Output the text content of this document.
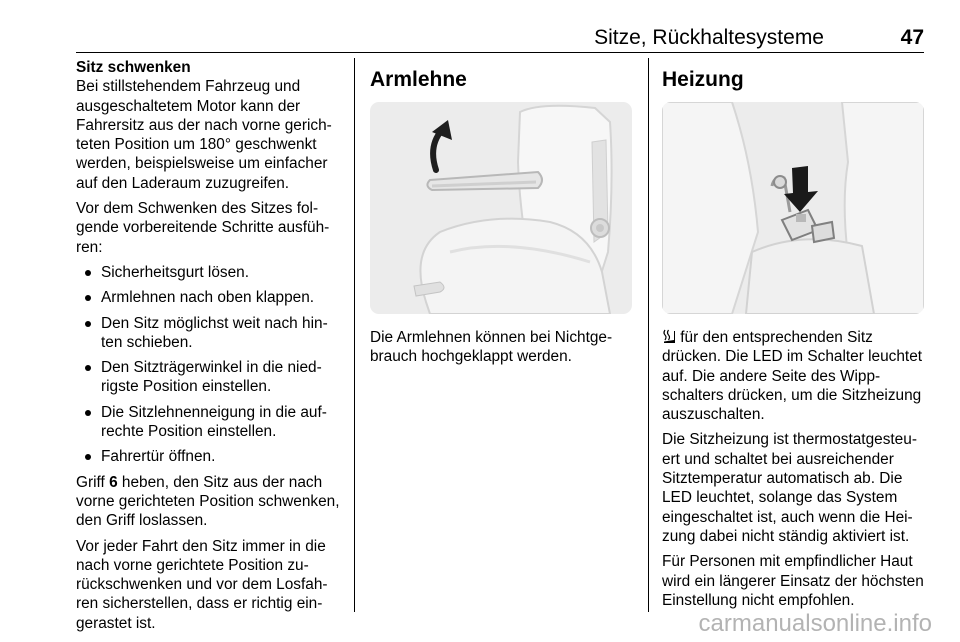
Sitze, Rückhaltesysteme	47

Sitz schwenken

Bei stillstehendem Fahrzeug und ausgeschaltetem Motor kann der Fahrersitz aus der nach vorne gerichteten Position um 180° geschwenkt werden, beispielsweise um einfacher auf den Laderaum zuzugreifen.

Vor dem Schwenken des Sitzes folgende vorbereitende Schritte ausführen:

Sicherheitsgurt lösen.
Armlehnen nach oben klappen.
Den Sitz möglichst weit nach hinten schieben.
Den Sitzträgerwinkel in die niedrigste Position einstellen.
Die Sitzlehnenneigung in die aufrechte Position einstellen.
Fahrertür öffnen.

Griff 6 heben, den Sitz aus der nach vorne gerichteten Position schwenken, den Griff loslassen.

Vor jeder Fahrt den Sitz immer in die nach vorne gerichtete Position zurückschwenken und vor dem Losfahren sicherstellen, dass er richtig eingerastet ist.

Armlehne

Die Armlehnen können bei Nichtgebrauch hochgeklappt werden.

Heizung

für den entsprechenden Sitz drücken. Die LED im Schalter leuchtet auf. Die andere Seite des Wippschalters drücken, um die Sitzheizung auszuschalten.

Die Sitzheizung ist thermostatgesteuert und schaltet bei ausreichender Sitztemperatur automatisch ab. Die LED leuchtet, solange das System eingeschaltet ist, auch wenn die Heizung dabei nicht ständig aktiviert ist.

Für Personen mit empfindlicher Haut wird ein längerer Einsatz der höchsten Einstellung nicht empfohlen.

carmanualsonline.info
